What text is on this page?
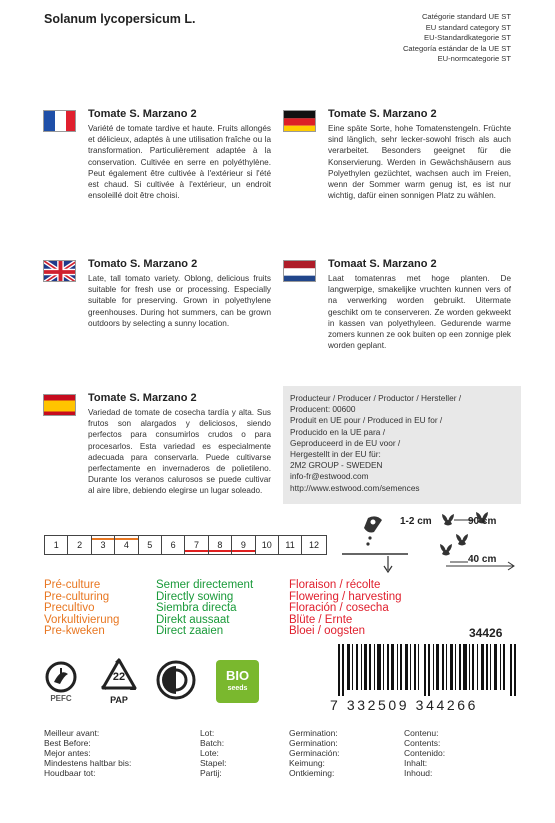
Solanum lycopersicum L.	Catégorie standard UE ST
EU standard category ST
EU-Standardkategorie ST
Categoría estándar de la UE ST
EU-normcategorie ST
Tomate S. Marzano 2
Variété de tomate tardive et haute. Fruits allongés et délicieux, adaptés à une utilisation fraîche ou la transformation. Particulièrement adaptée à la conservation. Cultivée en serre en polyéthylène. Peut également être cultivée à l'extérieur si l'été est chaud. Si cultivée à l'extérieur, un endroit ensoleillé doit être choisi.
Tomate S. Marzano 2
Eine späte Sorte, hohe Tomatenstengeln. Früchte sind länglich, sehr lecker-sowohl frisch als auch verarbeitet. Besonders geeignet für die Konservierung. Werden in Gewächshäusern aus Polyethylen gezüchtet, wachsen auch im Freien, wenn der Sommer warm genug ist, es ist nur wichtig, dafür einen sonnigen Platz zu wählen.
Tomato S. Marzano 2
Late, tall tomato variety. Oblong, delicious fruits suitable for fresh use or processing. Especially suitable for preserving. Grown in polyethylene greenhouses. During hot summers, can be grown outdoors by selecting a sunny location.
Tomaat S. Marzano 2
Laat tomatenras met hoge planten. De langwerpige, smakelijke vruchten kunnen vers of na verwerking worden gebruikt. Uitermate geschikt om te conserveren. Ze worden gekweekt in kassen van polyethyleen. Gedurende warme zomers kunnen ze ook buiten op een zonnige plek worden geplant.
Tomate S. Marzano 2
Variedad de tomate de cosecha tardía y alta. Sus frutos son alargados y deliciosos, siendo perfectos para consumirlos crudos o para procesarlos. Esta variedad es especialmente adecuada para conservarla. Puede cultivarse perfectamente en invernaderos de polietileno. Durante los veranos calurosos se puede cultivar al aire libre, debiendo elegirse un lugar soleado.
Producteur / Producer / Productor / Hersteller /
Producent: 00600
Produit en UE pour / Produced in EU for /
Producido en la UE para /
Geproduceerd in de EU voor /
Hergestellt in der EU für:
2M2 GROUP - SWEDEN
info-fr@estwood.com
http://www.estwood.com/semences
1	2	3	4	5	6	7	8	9	10	11	12
1-2 cm	90 cm
40 cm
Pré-culture
Pre-culturing
Precultivo
Vorkultivierung
Pre-kweken
Semer directement
Directly sowing
Siembra directa
Direkt aussaat
Direct zaaien
Floraison / récolte
Flowering / harvesting
Floración / cosecha
Blüte / Ernte
Bloei / oogsten	34426
PEFC
22
PAP
BIO
seeds
7 332509 344266
Meilleur avant:
Best Before:
Mejor antes:
Mindestens haltbar bis:
Houdbaar tot:
Lot:
Batch:
Lote:
Stapel:
Partij:
Germination:
Germination:
Germinación:
Keimung:
Ontkieming:
Contenu:
Contents:
Contenido:
Inhalt:
Inhoud:
